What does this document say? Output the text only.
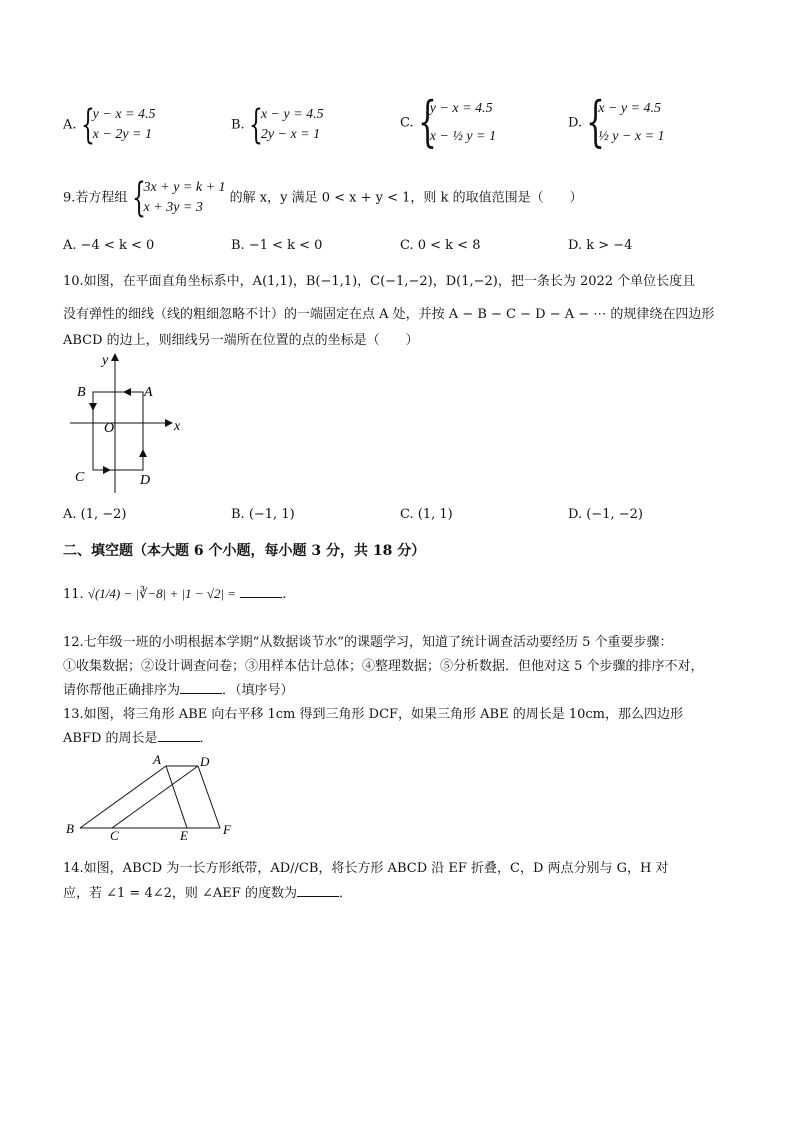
A. {
y − x = 4.5
x − 2y = 1
B. {
x − y = 4.5
2y − x = 1
C. {
y − x = 4.5
x − ½ y = 1
D. {
x − y = 4.5
½ y − x = 1
9.若方程组 {
3x + y = k + 1
x + 3y = 3
的解 x，y 满足 0 < x + y < 1，则 k 的取值范围是（　　）
A. −4 < k < 0	B. −1 < k < 0	C. 0 < k < 8	D. k > −4
10.如图，在平面直角坐标系中，A(1,1)，B(−1,1)，C(−1,−2)，D(1,−2)，把一条长为 2022 个单位长度且
没有弹性的细线（线的粗细忽略不计）的一端固定在点 A 处，并按 A − B − C − D − A − ⋯ 的规律绕在四边形
ABCD 的边上，则细线另一端所在位置的点的坐标是（　　）
y
x
O
A
B
C	D
A. (1, −2)	B. (−1, 1)	C. (1, 1)	D. (−1, −2)
二、填空题（本大题 6 个小题，每小题 3 分，共 18 分）
11. √(1/4) − |∛−8| + |1 − √2| =	.
12.七年级一班的小明根据本学期“从数据谈节水”的课题学习，知道了统计调查活动要经历 5 个重要步骤：
①收集数据；②设计调查问卷；③用样本估计总体；④整理数据；⑤分析数据．但他对这 5 个步骤的排序不对，
请你帮他正确排序为	．（填序号）
13.如图，将三角形 ABE 向右平移 1cm 得到三角形 DCF，如果三角形 ABE 的周长是 10cm，那么四边形
ABFD 的周长是	．
A	D
B	C	E	F
14.如图，ABCD 为一长方形纸带，AD//CB，将长方形 ABCD 沿 EF 折叠，C，D 两点分别与 G，H 对
应，若 ∠1 = 4∠2，则 ∠AEF 的度数为	．
